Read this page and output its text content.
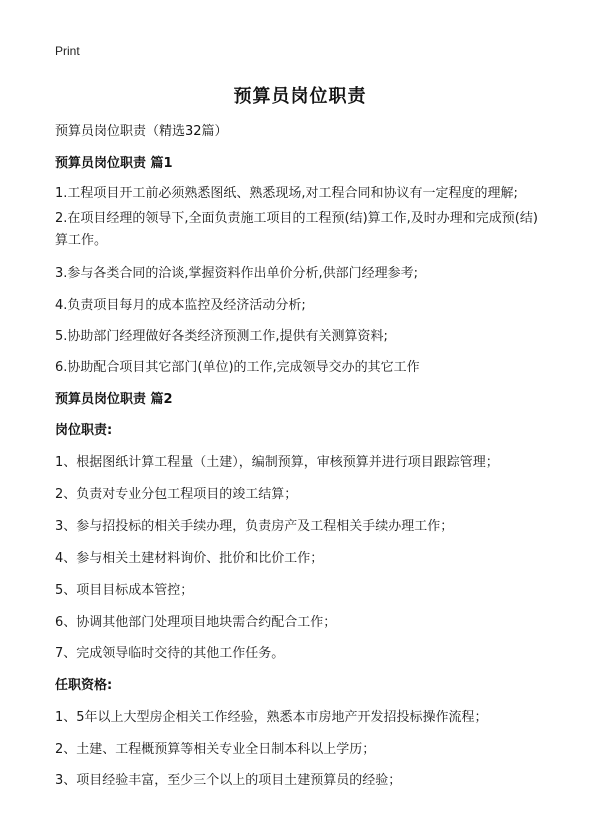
Print
预算员岗位职责
预算员岗位职责（精选32篇）
预算员岗位职责 篇1
1.工程项目开工前必须熟悉图纸、熟悉现场,对工程合同和协议有一定程度的理解;
2.在项目经理的领导下,全面负责施工项目的工程预(结)算工作,及时办理和完成预(结)算工作。
3.参与各类合同的洽谈,掌握资料作出单价分析,供部门经理参考;
4.负责项目每月的成本监控及经济活动分析;
5.协助部门经理做好各类经济预测工作,提供有关测算资料;
6.协助配合项目其它部门(单位)的工作,完成领导交办的其它工作
预算员岗位职责 篇2
岗位职责:
1、根据图纸计算工程量（土建），编制预算，审核预算并进行项目跟踪管理；
2、负责对专业分包工程项目的竣工结算；
3、参与招投标的相关手续办理，负责房产及工程相关手续办理工作；
4、参与相关土建材料询价、批价和比价工作；
5、项目目标成本管控；
6、协调其他部门处理项目地块需合约配合工作；
7、完成领导临时交待的其他工作任务。
任职资格:
1、5年以上大型房企相关工作经验，熟悉本市房地产开发招投标操作流程；
2、土建、工程概预算等相关专业全日制本科以上学历；
3、项目经验丰富，至少三个以上的项目土建预算员的经验；
